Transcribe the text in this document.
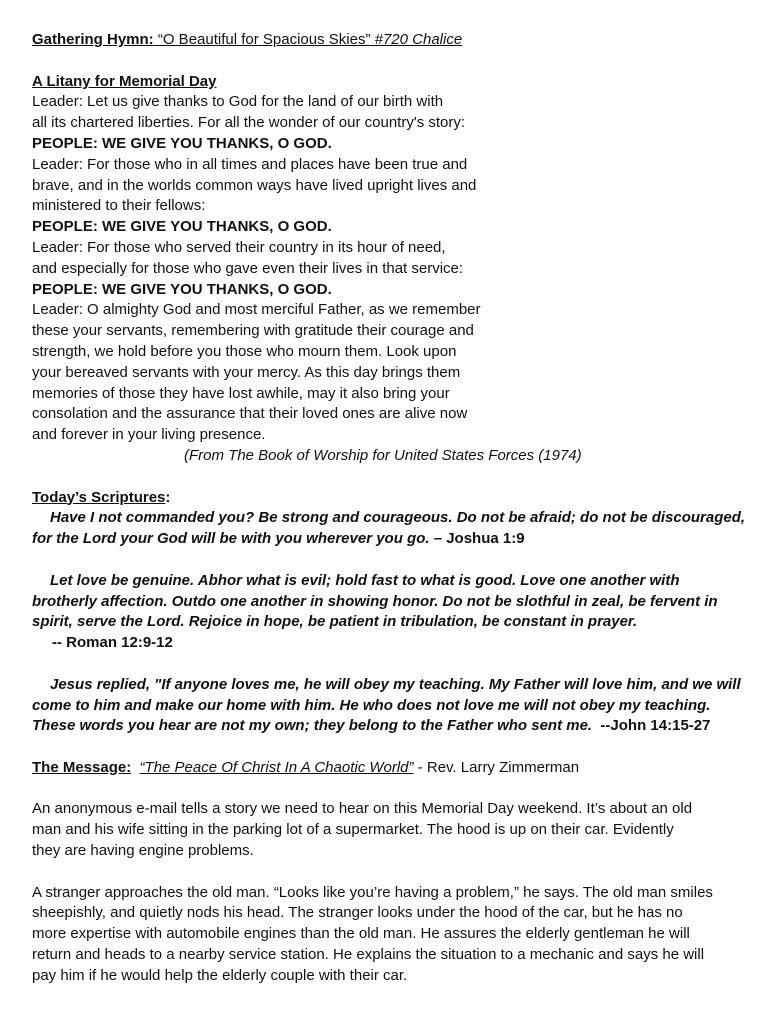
Gathering Hymn: “O Beautiful for Spacious Skies” #720 Chalice
A Litany for Memorial Day
Leader: Let us give thanks to God for the land of our birth with
all its chartered liberties. For all the wonder of our country's story:
PEOPLE: WE GIVE YOU THANKS, O GOD.
Leader: For those who in all times and places have been true and
brave, and in the worlds common ways have lived upright lives and
ministered to their fellows:
PEOPLE: WE GIVE YOU THANKS, O GOD.
Leader: For those who served their country in its hour of need,
and especially for those who gave even their lives in that service:
PEOPLE: WE GIVE YOU THANKS, O GOD.
Leader: O almighty God and most merciful Father, as we remember
these your servants, remembering with gratitude their courage and
strength, we hold before you those who mourn them. Look upon
your bereaved servants with your mercy. As this day brings them
memories of those they have lost awhile, may it also bring your
consolation and the assurance that their loved ones are alive now
and forever in your living presence.
(From The Book of Worship for United States Forces (1974)
Today’s Scriptures:
Have I not commanded you? Be strong and courageous. Do not be afraid; do not be discouraged,
for the Lord your God will be with you wherever you go. – Joshua 1:9
Let love be genuine. Abhor what is evil; hold fast to what is good. Love one another with
brotherly affection. Outdo one another in showing honor. Do not be slothful in zeal, be fervent in
spirit, serve the Lord. Rejoice in hope, be patient in tribulation, be constant in prayer.
-- Roman 12:9-12
Jesus replied, "If anyone loves me, he will obey my teaching. My Father will love him, and we will
come to him and make our home with him. He who does not love me will not obey my teaching.
These words you hear are not my own; they belong to the Father who sent me.  --John 14:15-27
The Message: “The Peace Of Christ In A Chaotic World” - Rev. Larry Zimmerman
An anonymous e-mail tells a story we need to hear on this Memorial Day weekend. It’s about an old
man and his wife sitting in the parking lot of a supermarket. The hood is up on their car. Evidently
they are having engine problems.
A stranger approaches the old man. “Looks like you’re having a problem,” he says. The old man smiles
sheepishly, and quietly nods his head. The stranger looks under the hood of the car, but he has no
more expertise with automobile engines than the old man. He assures the elderly gentleman he will
return and heads to a nearby service station. He explains the situation to a mechanic and says he will
pay him if he would help the elderly couple with their car.
